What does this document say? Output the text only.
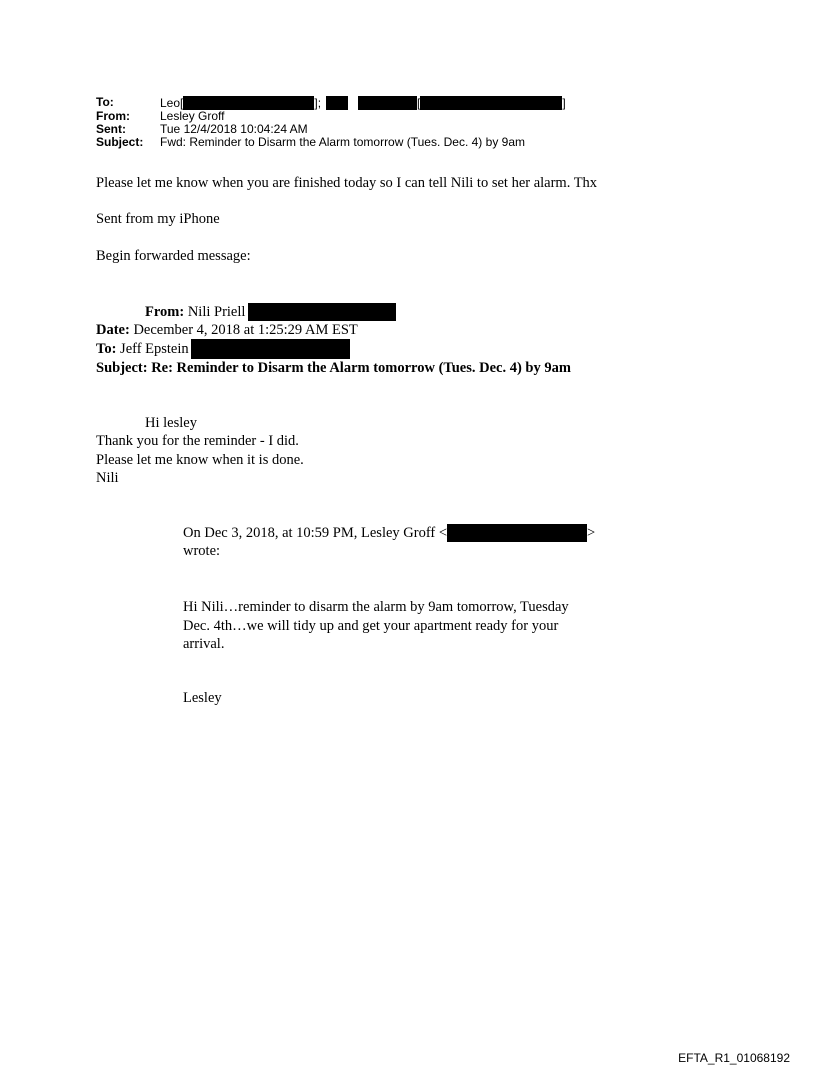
To:	Leo[	];	[	]
From:	Lesley Groff
Sent:	Tue 12/4/2018 10:04:24 AM
Subject:	Fwd: Reminder to Disarm the Alarm tomorrow (Tues. Dec. 4) by 9am
Please let me know when you are finished today so I can tell Nili to set her alarm. Thx
Sent from my iPhone
Begin forwarded message:
From:
Nili Priell
Date: December 4, 2018 at 1:25:29 AM EST
To:
Jeff Epstein
Subject: Re: Reminder to Disarm the Alarm tomorrow (Tues. Dec. 4) by 9am
Hi lesley
Thank you for the reminder - I did.
Please let me know when it is done.
Nili
On Dec 3, 2018, at 10:59 PM, Lesley Groff <	>
wrote:
Hi Nili…reminder to disarm the alarm by 9am tomorrow, Tuesday
Dec. 4th…we will tidy up and get your apartment ready for your
arrival.
Lesley
EFTA_R1_01068192
